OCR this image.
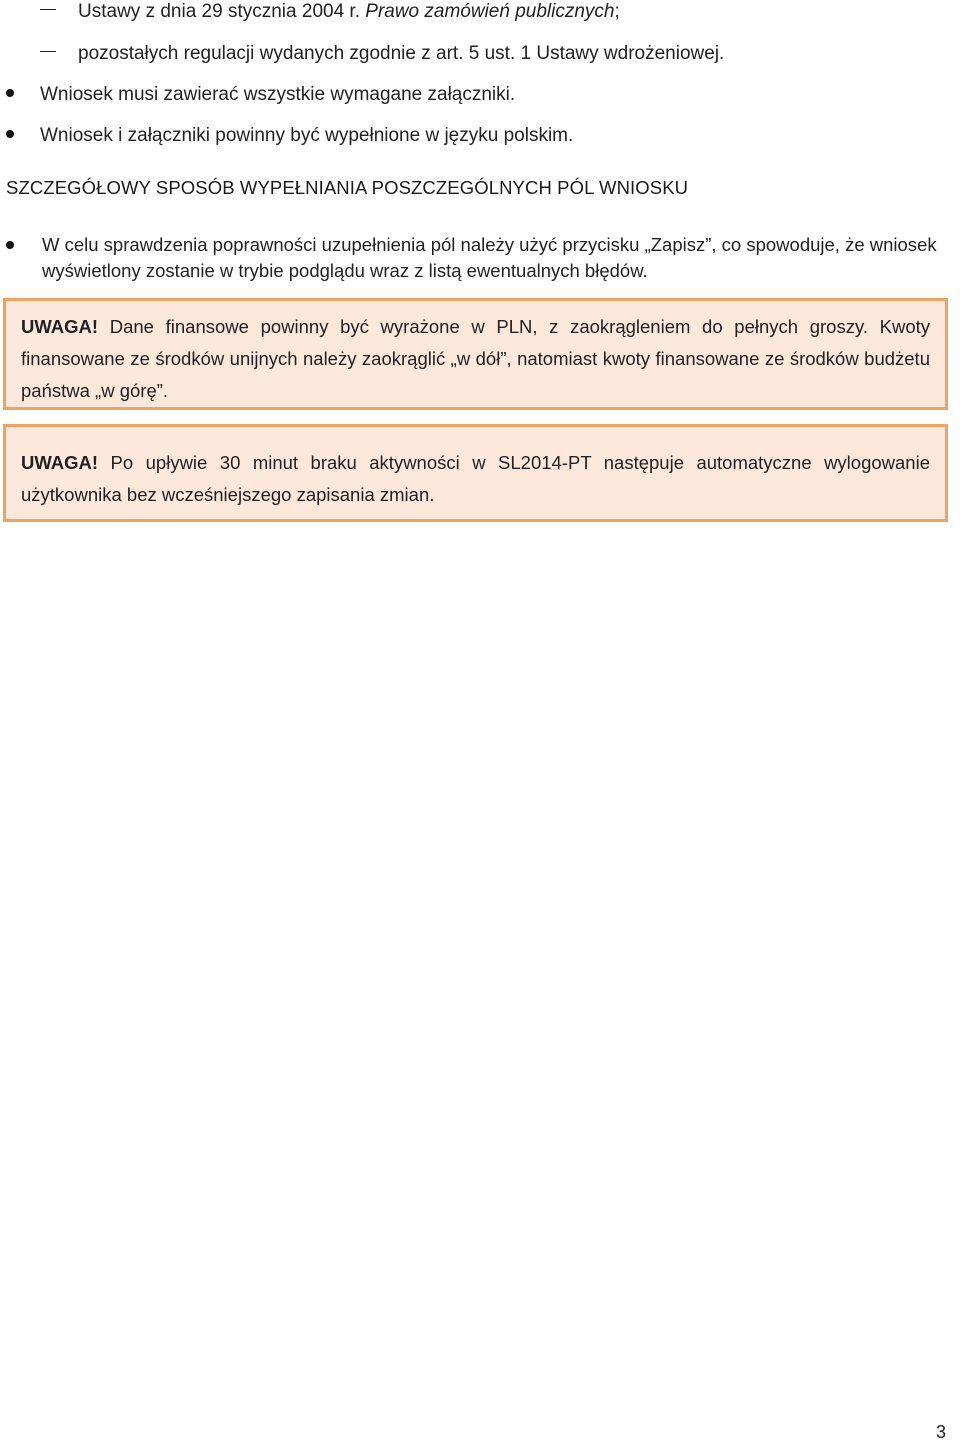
Ustawy z dnia 29 stycznia 2004 r. Prawo zamówień publicznych;
pozostałych regulacji wydanych zgodnie z art. 5 ust. 1 Ustawy wdrożeniowej.
Wniosek musi zawierać wszystkie wymagane załączniki.
Wniosek i załączniki powinny być wypełnione w języku polskim.
SZCZEGÓŁOWY SPOSÓB WYPEŁNIANIA POSZCZEGÓLNYCH PÓL WNIOSKU
W celu sprawdzenia poprawności uzupełnienia pól należy użyć przycisku „Zapisz”, co spowoduje, że wniosek wyświetlony zostanie w trybie podglądu wraz z listą ewentualnych błędów.
UWAGA! Dane finansowe powinny być wyrażone w PLN, z zaokrągleniem do pełnych groszy. Kwoty finansowane ze środków unijnych należy zaokrąglić „w dół”, natomiast kwoty finansowane ze środków budżetu państwa „w górę”.
UWAGA! Po upływie 30 minut braku aktywności w SL2014-PT następuje automatyczne wylogowanie użytkownika bez wcześniejszego zapisania zmian.
3
